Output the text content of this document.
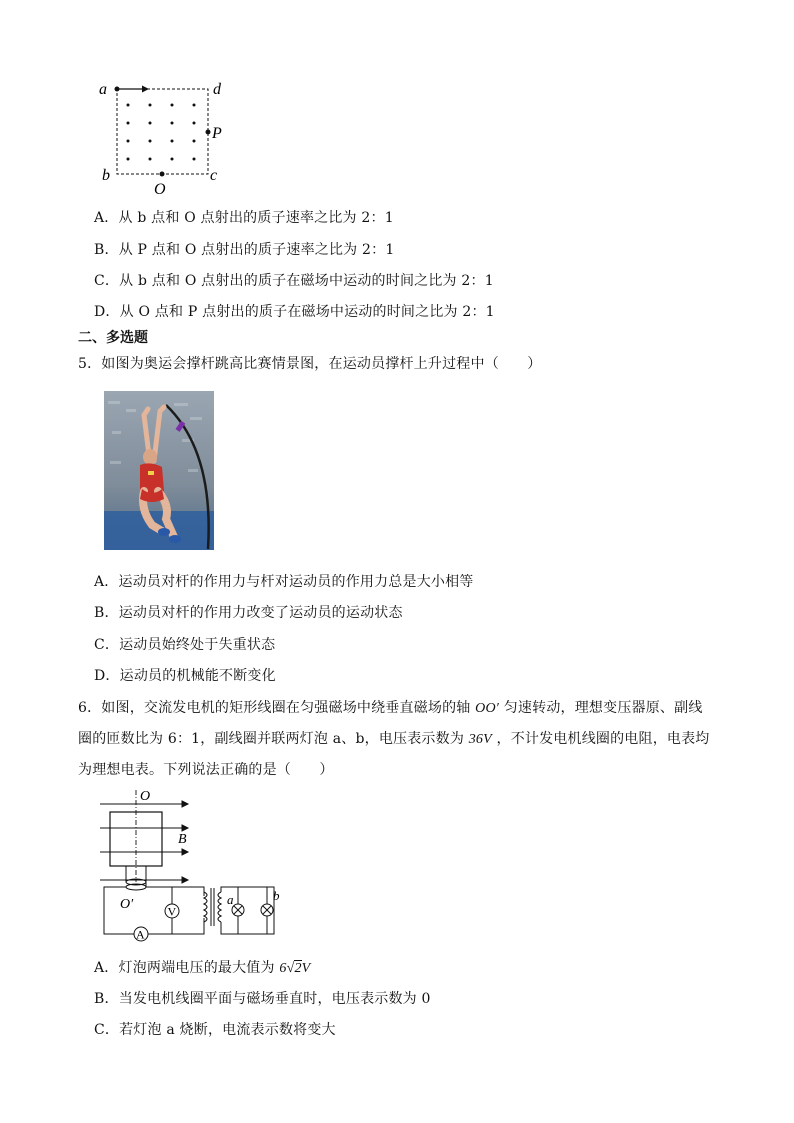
a	d
P
b	c
O
A．从 b 点和 O 点射出的质子速率之比为 2：1
B．从 P 点和 O 点射出的质子速率之比为 2：1
C．从 b 点和 O 点射出的质子在磁场中运动的时间之比为 2：1
D．从 O 点和 P 点射出的质子在磁场中运动的时间之比为 2：1
二、多选题
5．如图为奥运会撑杆跳高比赛情景图，在运动员撑杆上升过程中（　　）
A．运动员对杆的作用力与杆对运动员的作用力总是大小相等
B．运动员对杆的作用力改变了运动员的运动状态
C．运动员始终处于失重状态
D．运动员的机械能不断变化
6．如图，交流发电机的矩形线圈在匀强磁场中绕垂直磁场的轴 OO′ 匀速转动，理想变压器原、副线
圈的匝数比为 6：1，副线圈并联两灯泡 a、b，电压表示数为 36V ，不计发电机线圈的电阻，电表均
为理想电表。下列说法正确的是（　　）
O
B
O′
A
V
a	b
A．灯泡两端电压的最大值为 6√2V
B．当发电机线圈平面与磁场垂直时，电压表示数为 0
C．若灯泡 a 烧断，电流表示数将变大
